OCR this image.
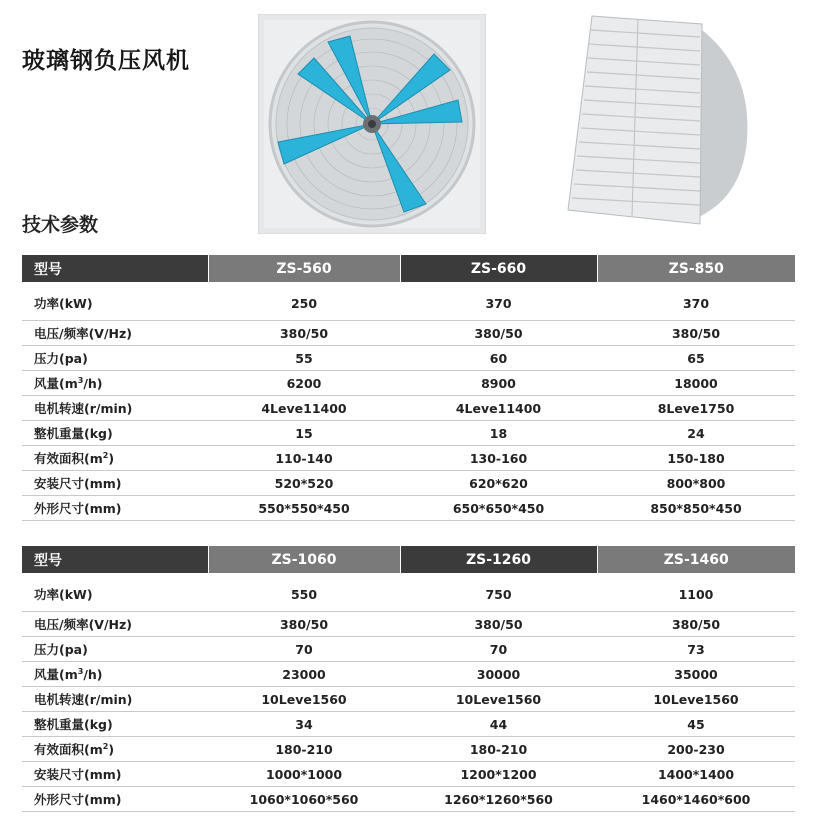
玻璃钢负压风机
技术参数
型号	ZS-560	ZS-660	ZS-850
功率(kW)	250	370	370
电压/频率(V/Hz)	380/50	380/50	380/50
压力(pa)	55	60	65
风量$(m^3/h)$	6200	8900	18000
电机转速(r/min)	4Leve11400	4Leve11400	8Leve1750
整机重量(kg)	15	18	24
有效面积$(m^2)$	110-140	130-160	150-180
安装尺寸(mm)	520*520	620*620	800*800
外形尺寸(mm)	550*550*450	650*650*450	850*850*450
型号	ZS-1060	ZS-1260	ZS-1460
功率(kW)	550	750	1100
电压/频率(V/Hz)	380/50	380/50	380/50
压力(pa)	70	70	73
风量$(m^3/h)$	23000	30000	35000
电机转速(r/min)	10Leve1560	10Leve1560	10Leve1560
整机重量(kg)	34	44	45
有效面积$(m^2)$	180-210	180-210	200-230
安装尺寸(mm)	1000*1000	1200*1200	1400*1400
外形尺寸(mm)	1060*1060*560	1260*1260*560	1460*1460*600
